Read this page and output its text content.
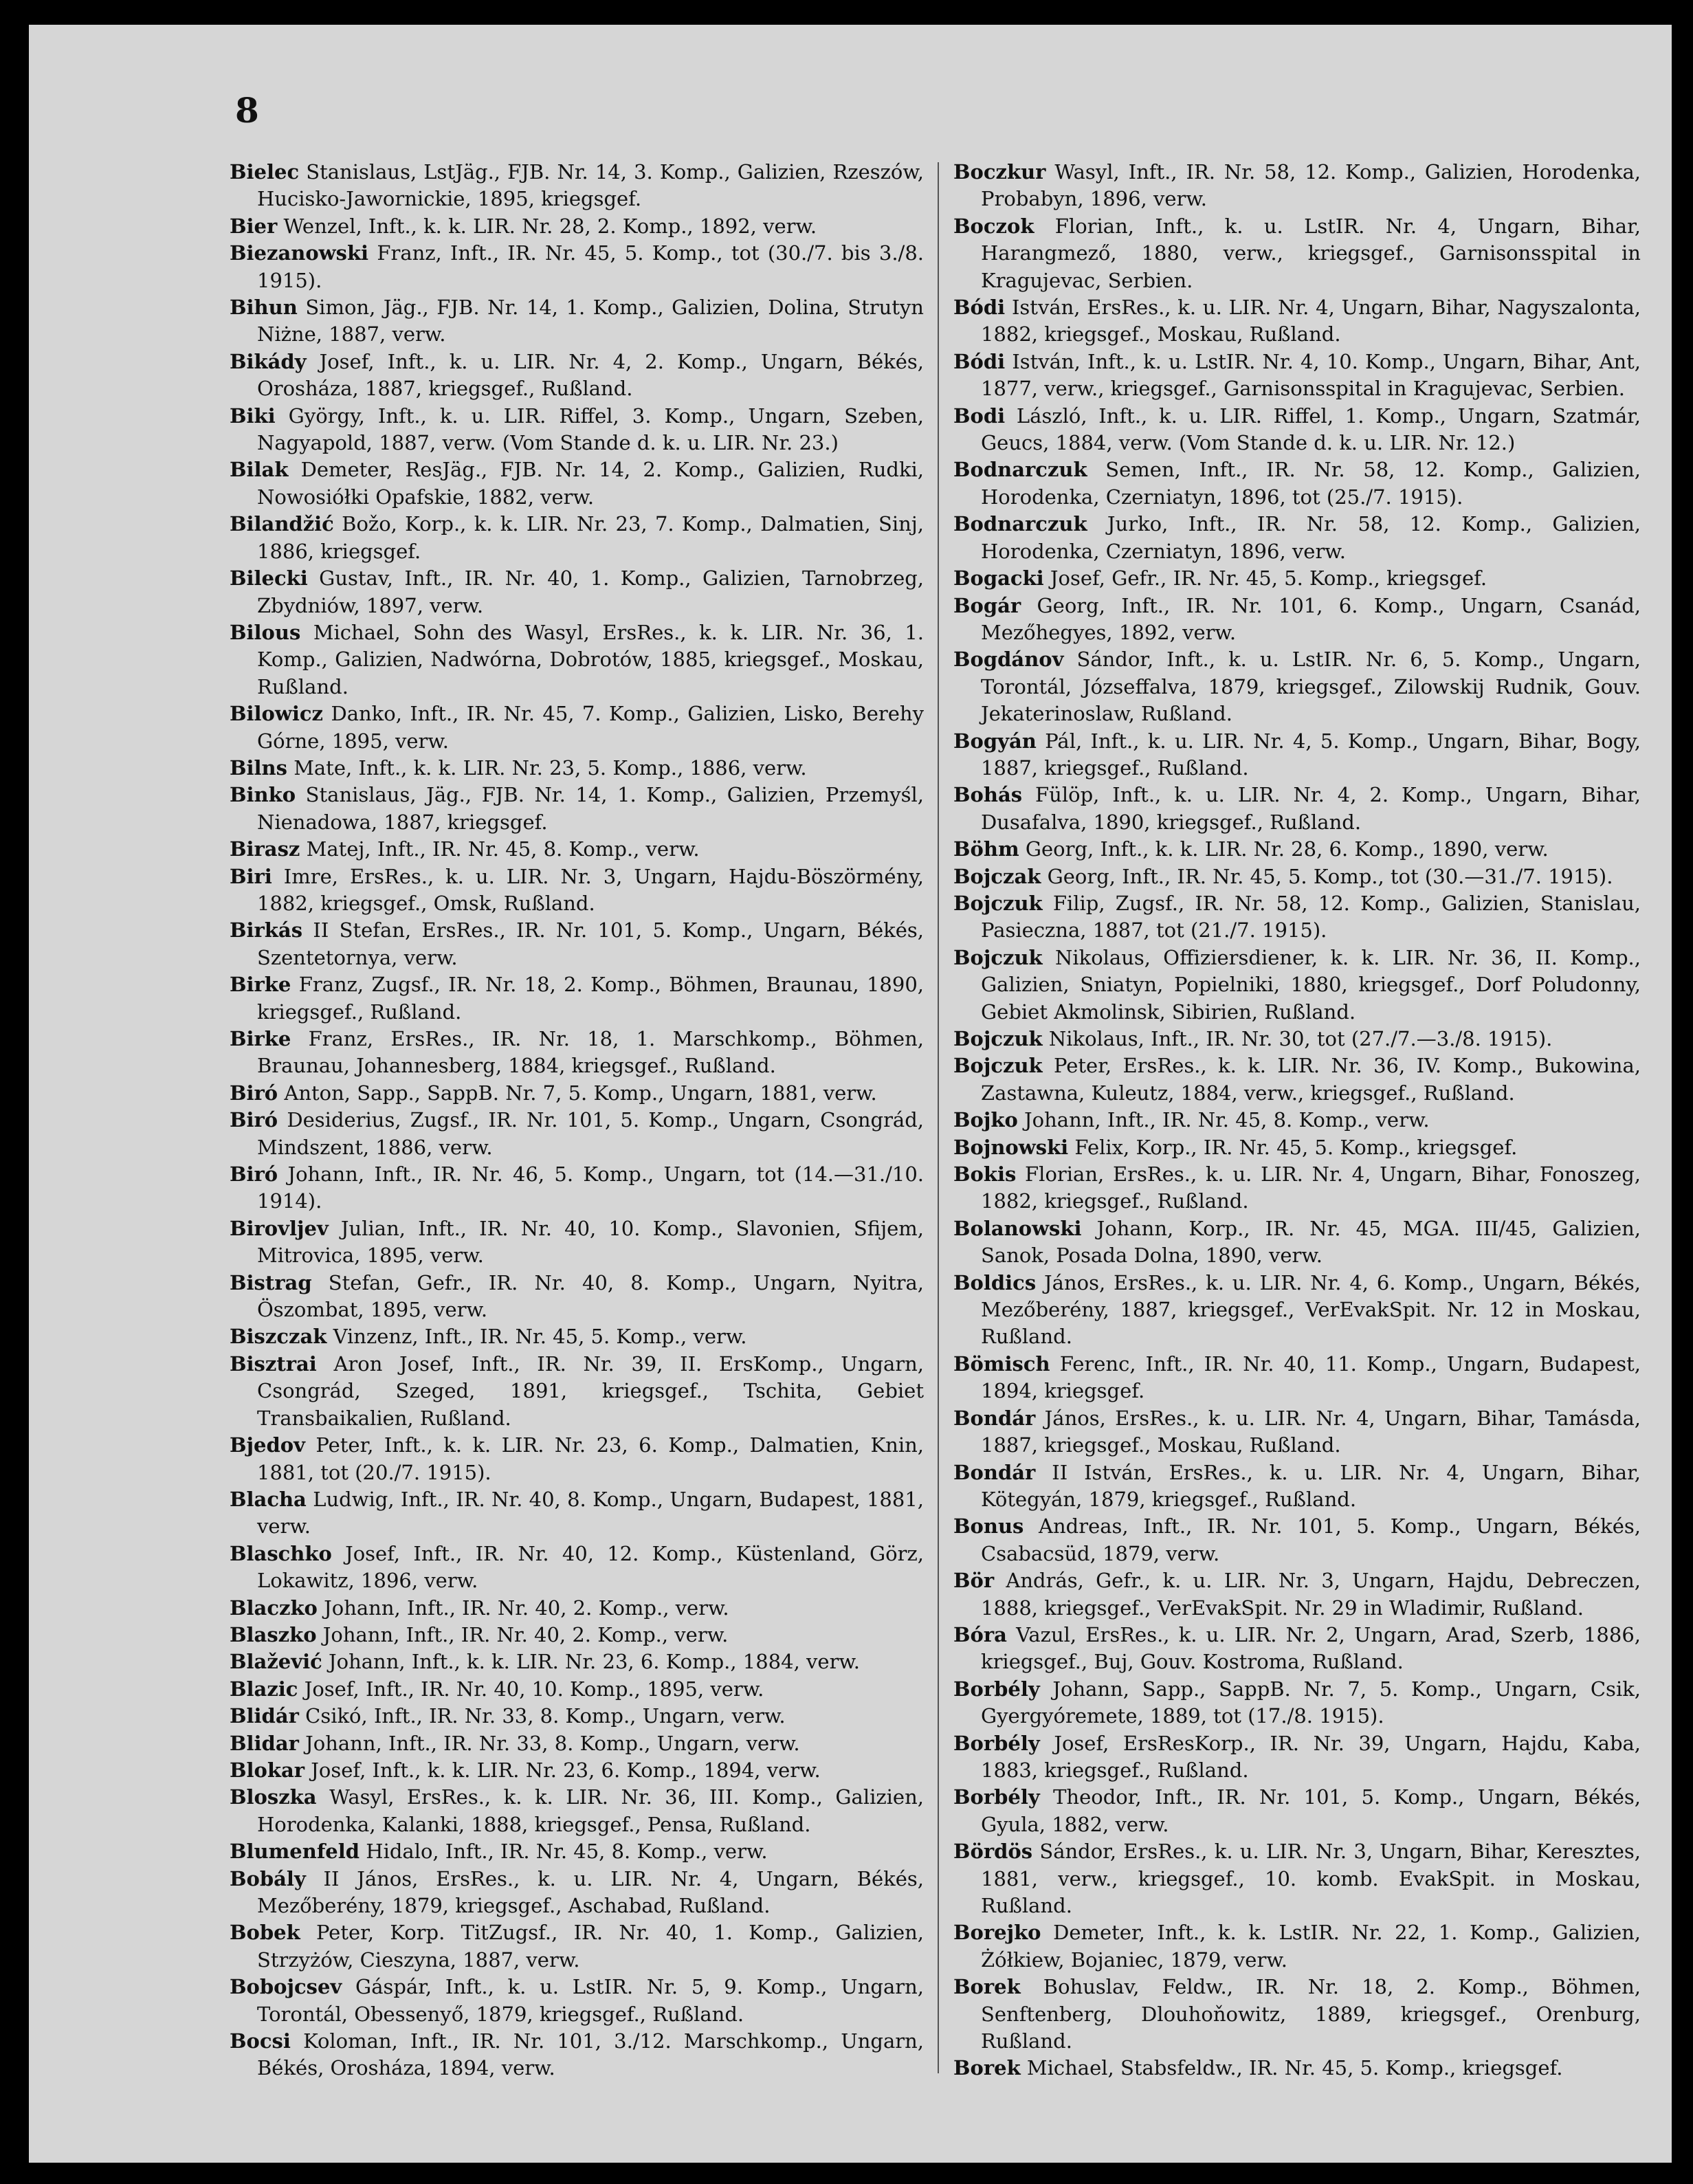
8

Bielec Stanislaus, LstJäg., FJB. Nr. 14, 3. Komp., Galizien, Rzeszów, Hucisko-Jawornickie, 1895, kriegsgef.

Bier Wenzel, Inft., k. k. LIR. Nr. 28, 2. Komp., 1892, verw.

Biezanowski Franz, Inft., IR. Nr. 45, 5. Komp., tot (30./7. bis 3./8. 1915).

Bihun Simon, Jäg., FJB. Nr. 14, 1. Komp., Galizien, Dolina, Strutyn Niżne, 1887, verw.

Bikády Josef, Inft., k. u. LIR. Nr. 4, 2. Komp., Ungarn, Békés, Orosháza, 1887, kriegsgef., Rußland.

Biki György, Inft., k. u. LIR. Riffel, 3. Komp., Ungarn, Szeben, Nagyapold, 1887, verw. (Vom Stande d. k. u. LIR. Nr. 23.)

Bilak Demeter, ResJäg., FJB. Nr. 14, 2. Komp., Galizien, Rudki, Nowosiółki Opafskie, 1882, verw.

Bilandžić Božo, Korp., k. k. LIR. Nr. 23, 7. Komp., Dalmatien, Sinj, 1886, kriegsgef.

Bilecki Gustav, Inft., IR. Nr. 40, 1. Komp., Galizien, Tarnobrzeg, Zbydniów, 1897, verw.

Bilous Michael, Sohn des Wasyl, ErsRes., k. k. LIR. Nr. 36, 1. Komp., Galizien, Nadwórna, Dobrotów, 1885, kriegsgef., Moskau, Rußland.

Bilowicz Danko, Inft., IR. Nr. 45, 7. Komp., Galizien, Lisko, Berehy Górne, 1895, verw.

Bilns Mate, Inft., k. k. LIR. Nr. 23, 5. Komp., 1886, verw.

Binko Stanislaus, Jäg., FJB. Nr. 14, 1. Komp., Galizien, Przemyśl, Nienadowa, 1887, kriegsgef.

Birasz Matej, Inft., IR. Nr. 45, 8. Komp., verw.

Biri Imre, ErsRes., k. u. LIR. Nr. 3, Ungarn, Hajdu-Böszörmény, 1882, kriegsgef., Omsk, Rußland.

Birkás II Stefan, ErsRes., IR. Nr. 101, 5. Komp., Ungarn, Békés, Szentetornya, verw.

Birke Franz, Zugsf., IR. Nr. 18, 2. Komp., Böhmen, Braunau, 1890, kriegsgef., Rußland.

Birke Franz, ErsRes., IR. Nr. 18, 1. Marschkomp., Böhmen, Braunau, Johannesberg, 1884, kriegsgef., Rußland.

Biró Anton, Sapp., SappB. Nr. 7, 5. Komp., Ungarn, 1881, verw.

Biró Desiderius, Zugsf., IR. Nr. 101, 5. Komp., Ungarn, Csongrád, Mindszent, 1886, verw.

Biró Johann, Inft., IR. Nr. 46, 5. Komp., Ungarn, tot (14.—31./10. 1914).

Birovljev Julian, Inft., IR. Nr. 40, 10. Komp., Slavonien, Sfijem, Mitrovica, 1895, verw.

Bistrag Stefan, Gefr., IR. Nr. 40, 8. Komp., Ungarn, Nyitra, Öszombat, 1895, verw.

Biszczak Vinzenz, Inft., IR. Nr. 45, 5. Komp., verw.

Bisztrai Aron Josef, Inft., IR. Nr. 39, II. ErsKomp., Ungarn, Csongrád, Szeged, 1891, kriegsgef., Tschita, Gebiet Transbaikalien, Rußland.

Bjedov Peter, Inft., k. k. LIR. Nr. 23, 6. Komp., Dalmatien, Knin, 1881, tot (20./7. 1915).

Blacha Ludwig, Inft., IR. Nr. 40, 8. Komp., Ungarn, Budapest, 1881, verw.

Blaschko Josef, Inft., IR. Nr. 40, 12. Komp., Küstenland, Görz, Lokawitz, 1896, verw.

Blaczko Johann, Inft., IR. Nr. 40, 2. Komp., verw.

Blaszko Johann, Inft., IR. Nr. 40, 2. Komp., verw.

Blažević Johann, Inft., k. k. LIR. Nr. 23, 6. Komp., 1884, verw.

Blazic Josef, Inft., IR. Nr. 40, 10. Komp., 1895, verw.

Blidár Csikó, Inft., IR. Nr. 33, 8. Komp., Ungarn, verw.

Blidar Johann, Inft., IR. Nr. 33, 8. Komp., Ungarn, verw.

Blokar Josef, Inft., k. k. LIR. Nr. 23, 6. Komp., 1894, verw.

Bloszka Wasyl, ErsRes., k. k. LIR. Nr. 36, III. Komp., Galizien, Horodenka, Kalanki, 1888, kriegsgef., Pensa, Rußland.

Blumenfeld Hidalo, Inft., IR. Nr. 45, 8. Komp., verw.

Bobály II János, ErsRes., k. u. LIR. Nr. 4, Ungarn, Békés, Mezőberény, 1879, kriegsgef., Aschabad, Rußland.

Bobek Peter, Korp. TitZugsf., IR. Nr. 40, 1. Komp., Galizien, Strzyżów, Cieszyna, 1887, verw.

Bobojcsev Gáspár, Inft., k. u. LstIR. Nr. 5, 9. Komp., Ungarn, Torontál, Obessenyő, 1879, kriegsgef., Rußland.

Bocsi Koloman, Inft., IR. Nr. 101, 3./12. Marschkomp., Ungarn, Békés, Orosháza, 1894, verw.

Boczkur Wasyl, Inft., IR. Nr. 58, 12. Komp., Galizien, Horodenka, Probabyn, 1896, verw.

Boczok Florian, Inft., k. u. LstIR. Nr. 4, Ungarn, Bihar, Harangmező, 1880, verw., kriegsgef., Garnisonsspital in Kragujevac, Serbien.

Bódi István, ErsRes., k. u. LIR. Nr. 4, Ungarn, Bihar, Nagyszalonta, 1882, kriegsgef., Moskau, Rußland.

Bódi István, Inft., k. u. LstIR. Nr. 4, 10. Komp., Ungarn, Bihar, Ant, 1877, verw., kriegsgef., Garnisonsspital in Kragujevac, Serbien.

Bodi László, Inft., k. u. LIR. Riffel, 1. Komp., Ungarn, Szatmár, Geucs, 1884, verw. (Vom Stande d. k. u. LIR. Nr. 12.)

Bodnarczuk Semen, Inft., IR. Nr. 58, 12. Komp., Galizien, Horodenka, Czerniatyn, 1896, tot (25./7. 1915).

Bodnarczuk Jurko, Inft., IR. Nr. 58, 12. Komp., Galizien, Horodenka, Czerniatyn, 1896, verw.

Bogacki Josef, Gefr., IR. Nr. 45, 5. Komp., kriegsgef.

Bogár Georg, Inft., IR. Nr. 101, 6. Komp., Ungarn, Csanád, Mezőhegyes, 1892, verw.

Bogdánov Sándor, Inft., k. u. LstIR. Nr. 6, 5. Komp., Ungarn, Torontál, Józseffalva, 1879, kriegsgef., Zilowskij Rudnik, Gouv. Jekaterinoslaw, Rußland.

Bogyán Pál, Inft., k. u. LIR. Nr. 4, 5. Komp., Ungarn, Bihar, Bogy, 1887, kriegsgef., Rußland.

Bohás Fülöp, Inft., k. u. LIR. Nr. 4, 2. Komp., Ungarn, Bihar, Dusafalva, 1890, kriegsgef., Rußland.

Böhm Georg, Inft., k. k. LIR. Nr. 28, 6. Komp., 1890, verw.

Bojczak Georg, Inft., IR. Nr. 45, 5. Komp., tot (30.—31./7. 1915).

Bojczuk Filip, Zugsf., IR. Nr. 58, 12. Komp., Galizien, Stanislau, Pasieczna, 1887, tot (21./7. 1915).

Bojczuk Nikolaus, Offiziersdiener, k. k. LIR. Nr. 36, II. Komp., Galizien, Sniatyn, Popielniki, 1880, kriegsgef., Dorf Poludonny, Gebiet Akmolinsk, Sibirien, Rußland.

Bojczuk Nikolaus, Inft., IR. Nr. 30, tot (27./7.—3./8. 1915).

Bojczuk Peter, ErsRes., k. k. LIR. Nr. 36, IV. Komp., Bukowina, Zastawna, Kuleutz, 1884, verw., kriegsgef., Rußland.

Bojko Johann, Inft., IR. Nr. 45, 8. Komp., verw.

Bojnowski Felix, Korp., IR. Nr. 45, 5. Komp., kriegsgef.

Bokis Florian, ErsRes., k. u. LIR. Nr. 4, Ungarn, Bihar, Fonoszeg, 1882, kriegsgef., Rußland.

Bolanowski Johann, Korp., IR. Nr. 45, MGA. III/45, Galizien, Sanok, Posada Dolna, 1890, verw.

Boldics János, ErsRes., k. u. LIR. Nr. 4, 6. Komp., Ungarn, Békés, Mezőberény, 1887, kriegsgef., VerEvakSpit. Nr. 12 in Moskau, Rußland.

Bömisch Ferenc, Inft., IR. Nr. 40, 11. Komp., Ungarn, Budapest, 1894, kriegsgef.

Bondár János, ErsRes., k. u. LIR. Nr. 4, Ungarn, Bihar, Tamásda, 1887, kriegsgef., Moskau, Rußland.

Bondár II István, ErsRes., k. u. LIR. Nr. 4, Ungarn, Bihar, Kötegyán, 1879, kriegsgef., Rußland.

Bonus Andreas, Inft., IR. Nr. 101, 5. Komp., Ungarn, Békés, Csabacsüd, 1879, verw.

Bör András, Gefr., k. u. LIR. Nr. 3, Ungarn, Hajdu, Debreczen, 1888, kriegsgef., VerEvakSpit. Nr. 29 in Wladimir, Rußland.

Bóra Vazul, ErsRes., k. u. LIR. Nr. 2, Ungarn, Arad, Szerb, 1886, kriegsgef., Buj, Gouv. Kostroma, Rußland.

Borbély Johann, Sapp., SappB. Nr. 7, 5. Komp., Ungarn, Csik, Gyergyóremete, 1889, tot (17./8. 1915).

Borbély Josef, ErsResKorp., IR. Nr. 39, Ungarn, Hajdu, Kaba, 1883, kriegsgef., Rußland.

Borbély Theodor, Inft., IR. Nr. 101, 5. Komp., Ungarn, Békés, Gyula, 1882, verw.

Bördös Sándor, ErsRes., k. u. LIR. Nr. 3, Ungarn, Bihar, Keresztes, 1881, verw., kriegsgef., 10. komb. EvakSpit. in Moskau, Rußland.

Borejko Demeter, Inft., k. k. LstIR. Nr. 22, 1. Komp., Galizien, Żółkiew, Bojaniec, 1879, verw.

Borek Bohuslav, Feldw., IR. Nr. 18, 2. Komp., Böhmen, Senftenberg, Dlouhoňowitz, 1889, kriegsgef., Orenburg, Rußland.

Borek Michael, Stabsfeldw., IR. Nr. 45, 5. Komp., kriegsgef.
